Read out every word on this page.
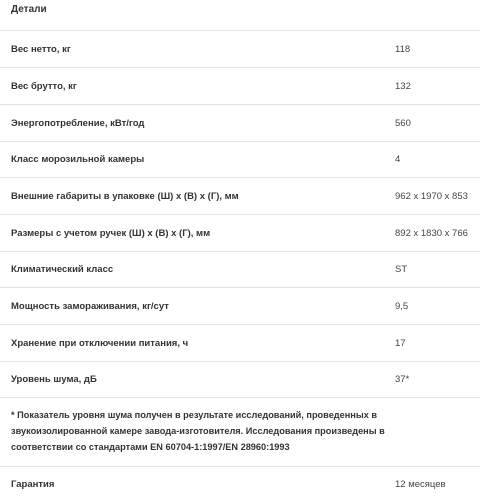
Детали
Вес нетто, кг	118
Вес брутто, кг	132
Энергопотребление, кВт/год	560
Класс морозильной камеры	4
Внешние габариты в упаковке (Ш) х (В) х (Г), мм	962 x 1970 x 853
Размеры с учетом ручек (Ш) х (В) х (Г), мм	892 x 1830 x 766
Климатический класс	ST
Мощность замораживания, кг/сут	9,5
Хранение при отключении питания, ч	17
Уровень шума, дБ	37*
* Показатель уровня шума получен в результате исследований, проведенных в звукоизолированной камере завода-изготовителя. Исследования произведены в соответствии со стандартами EN 60704-1:1997/EN 28960:1993
Гарантия	12 месяцев
